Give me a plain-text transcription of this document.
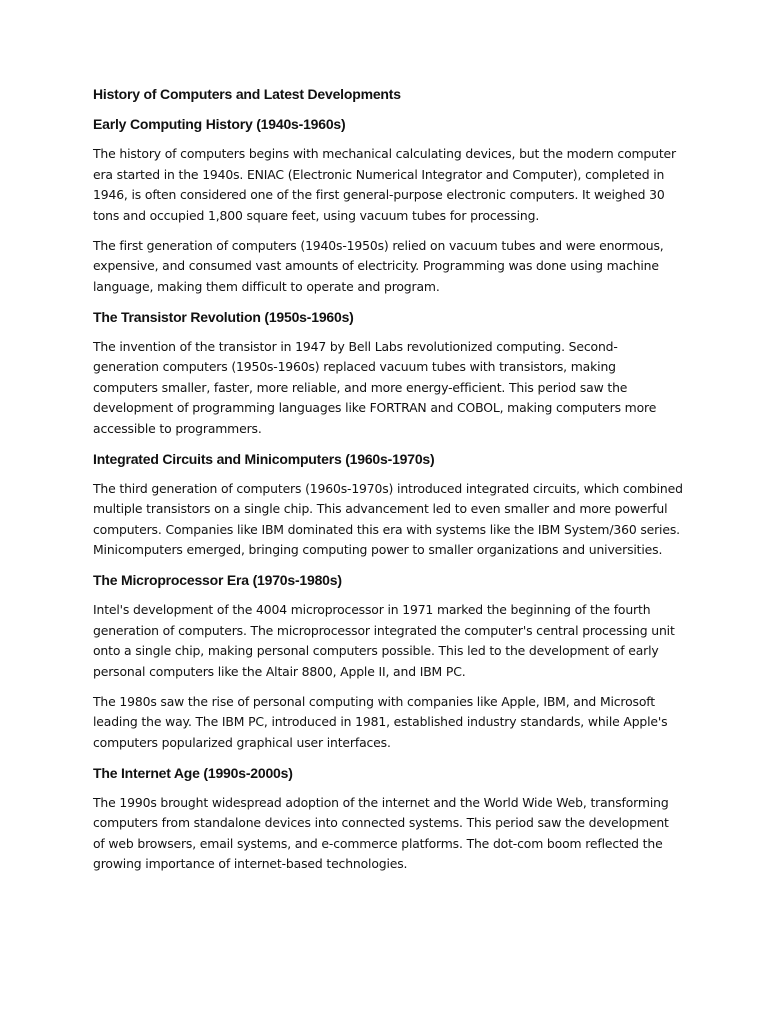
History of Computers and Latest Developments
Early Computing History (1940s-1960s)

The history of computers begins with mechanical calculating devices, but the modern computer era started in the 1940s. ENIAC (Electronic Numerical Integrator and Computer), completed in 1946, is often considered one of the first general-purpose electronic computers. It weighed 30 tons and occupied 1,800 square feet, using vacuum tubes for processing.

The first generation of computers (1940s-1950s) relied on vacuum tubes and were enormous, expensive, and consumed vast amounts of electricity. Programming was done using machine language, making them difficult to operate and program.

The Transistor Revolution (1950s-1960s)

The invention of the transistor in 1947 by Bell Labs revolutionized computing. Second-generation computers (1950s-1960s) replaced vacuum tubes with transistors, making computers smaller, faster, more reliable, and more energy-efficient. This period saw the development of programming languages like FORTRAN and COBOL, making computers more accessible to programmers.

Integrated Circuits and Minicomputers (1960s-1970s)

The third generation of computers (1960s-1970s) introduced integrated circuits, which combined multiple transistors on a single chip. This advancement led to even smaller and more powerful computers. Companies like IBM dominated this era with systems like the IBM System/360 series. Minicomputers emerged, bringing computing power to smaller organizations and universities.

The Microprocessor Era (1970s-1980s)

Intel's development of the 4004 microprocessor in 1971 marked the beginning of the fourth generation of computers. The microprocessor integrated the computer's central processing unit onto a single chip, making personal computers possible. This led to the development of early personal computers like the Altair 8800, Apple II, and IBM PC.

The 1980s saw the rise of personal computing with companies like Apple, IBM, and Microsoft leading the way. The IBM PC, introduced in 1981, established industry standards, while Apple's computers popularized graphical user interfaces.

The Internet Age (1990s-2000s)

The 1990s brought widespread adoption of the internet and the World Wide Web, transforming computers from standalone devices into connected systems. This period saw the development of web browsers, email systems, and e-commerce platforms. The dot-com boom reflected the growing importance of internet-based technologies.
